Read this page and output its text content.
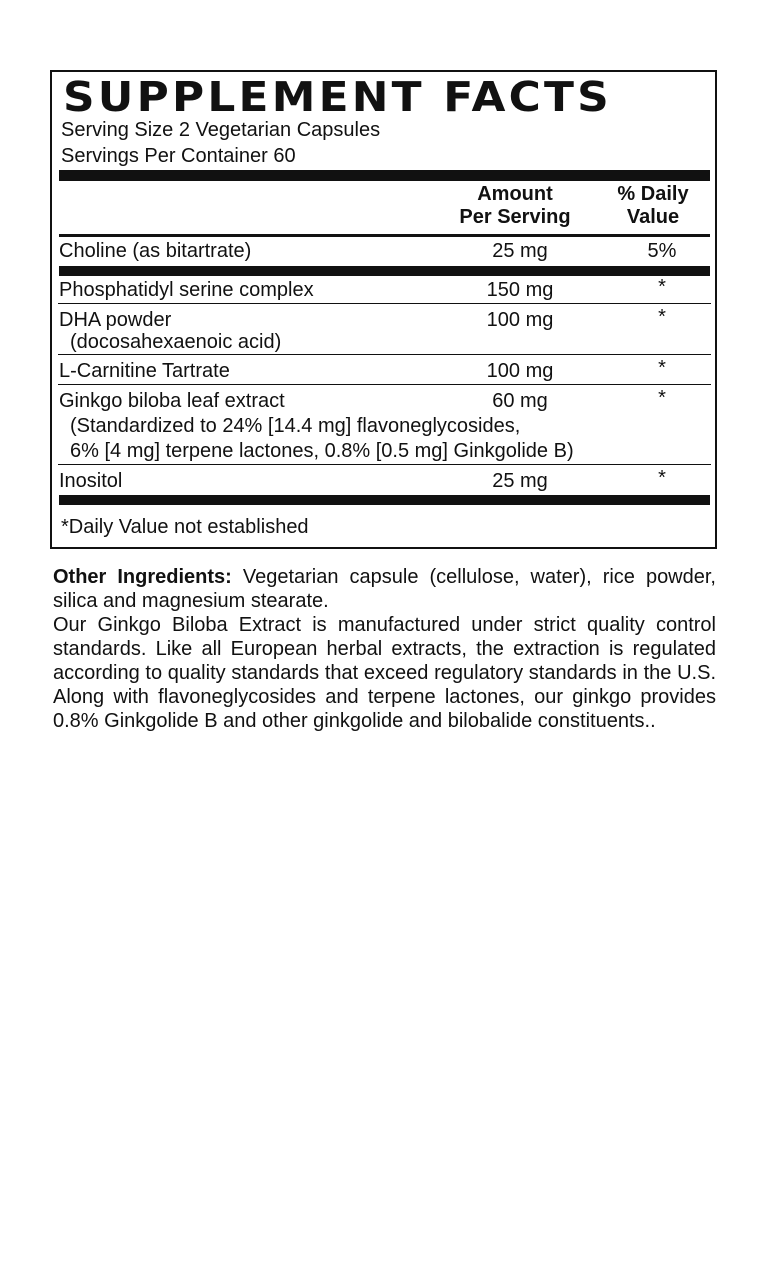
SUPPLEMENT FACTS
Serving Size 2 Vegetarian Capsules
Servings Per Container 60
Amount
Per Serving
% Daily
Value
Choline (as bitartrate)	25 mg	5%
Phosphatidyl serine complex	150 mg	*
DHA powder
(docosahexaenoic acid)
100 mg	*
L-Carnitine Tartrate	100 mg	*
Ginkgo biloba leaf extract
(Standardized to 24% [14.4 mg] flavoneglycosides,
6% [4 mg] terpene lactones, 0.8% [0.5 mg] Ginkgolide B)
60 mg	*
Inositol	25 mg	*
*Daily Value not established

Other Ingredients: Vegetarian capsule (cellulose, water), rice powder, silica and magnesium stearate.

Our Ginkgo Biloba Extract is manufactured under strict quality control standards. Like all European herbal extracts, the extraction is regulated according to quality standards that exceed regulatory standards in the U.S. Along with flavoneglycosides and terpene lactones, our ginkgo provides 0.8% Ginkgolide B and other ginkgolide and bilobalide constituents..
